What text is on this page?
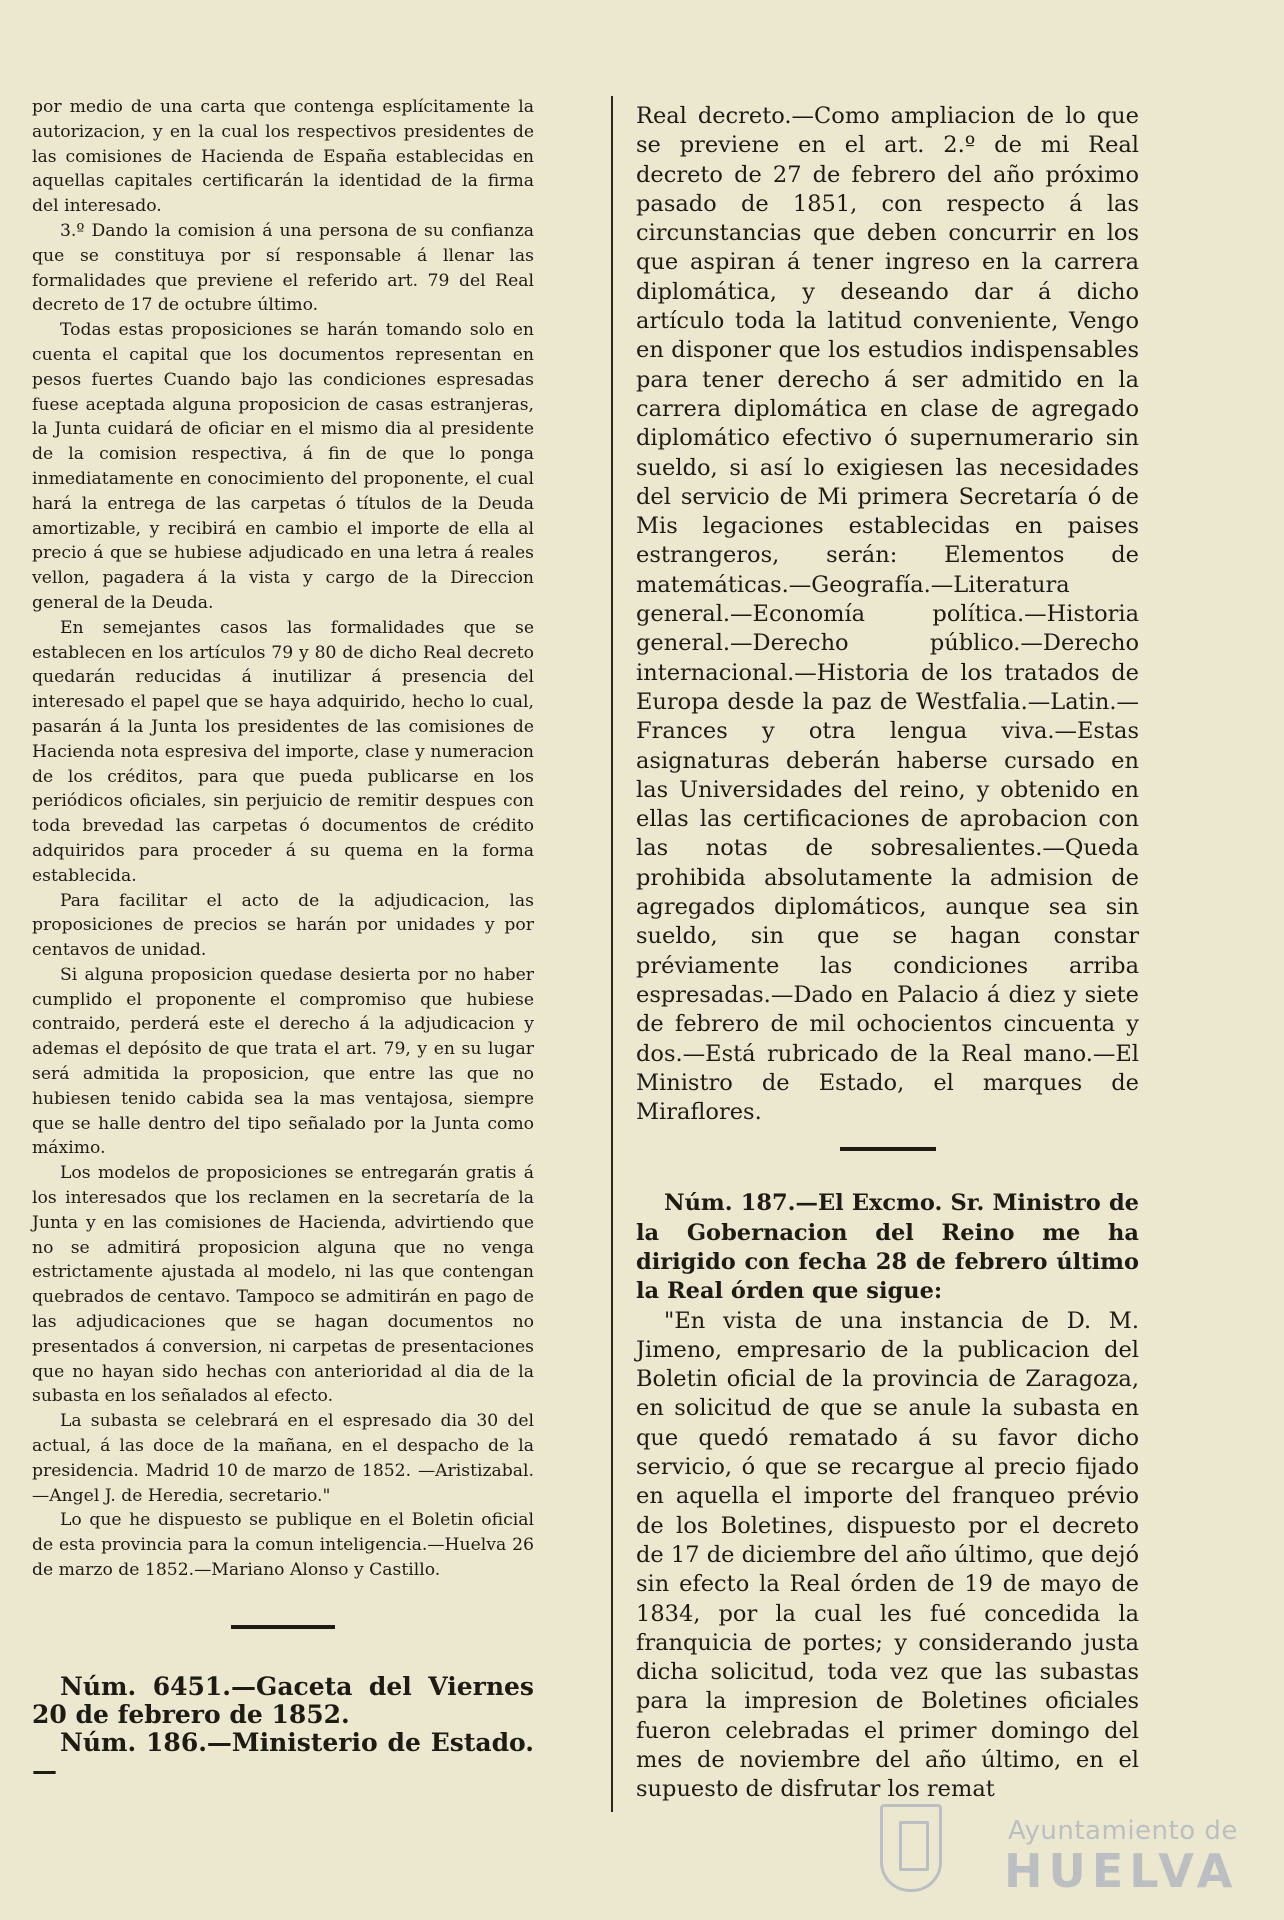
por medio de una carta que contenga esplícitamente la autorizacion, y en la cual los respectivos presidentes de las comisiones de Hacienda de España establecidas en aquellas capitales certificarán la identidad de la firma del interesado.

3.º Dando la comision á una persona de su confianza que se constituya por sí responsable á llenar las formalidades que previene el referido art. 79 del Real decreto de 17 de octubre último.

Todas estas proposiciones se harán tomando solo en cuenta el capital que los documentos representan en pesos fuertes Cuando bajo las condiciones espresadas fuese aceptada alguna proposicion de casas estranjeras, la Junta cuidará de oficiar en el mismo dia al presidente de la comision respectiva, á fin de que lo ponga inmediatamente en conocimiento del proponente, el cual hará la entrega de las carpetas ó títulos de la Deuda amortizable, y recibirá en cambio el importe de ella al precio á que se hubiese adjudicado en una letra á reales vellon, pagadera á la vista y cargo de la Direccion general de la Deuda.

En semejantes casos las formalidades que se establecen en los artículos 79 y 80 de dicho Real decreto quedarán reducidas á inutilizar á presencia del interesado el papel que se haya adquirido, hecho lo cual, pasarán á la Junta los presidentes de las comisiones de Hacienda nota espresiva del importe, clase y numeracion de los créditos, para que pueda publicarse en los periódicos oficiales, sin perjuicio de remitir despues con toda brevedad las carpetas ó documentos de crédito adquiridos para proceder á su quema en la forma establecida.

Para facilitar el acto de la adjudicacion, las proposiciones de precios se harán por unidades y por centavos de unidad.

Si alguna proposicion quedase desierta por no haber cumplido el proponente el compromiso que hubiese contraido, perderá este el derecho á la adjudicacion y ademas el depósito de que trata el art. 79, y en su lugar será admitida la proposicion, que entre las que no hubiesen tenido cabida sea la mas ventajosa, siempre que se halle dentro del tipo señalado por la Junta como máximo.

Los modelos de proposiciones se entregarán gratis á los interesados que los reclamen en la secretaría de la Junta y en las comisiones de Hacienda, advirtiendo que no se admitirá proposicion alguna que no venga estrictamente ajustada al modelo, ni las que contengan quebrados de centavo. Tampoco se admitirán en pago de las adjudicaciones que se hagan documentos no presentados á conversion, ni carpetas de presentaciones que no hayan sido hechas con anterioridad al dia de la subasta en los señalados al efecto.

La subasta se celebrará en el espresado dia 30 del actual, á las doce de la mañana, en el despacho de la presidencia. Madrid 10 de marzo de 1852. —Aristizabal.—Angel J. de Heredia, secretario."

Lo que he dispuesto se publique en el Boletin oficial de esta provincia para la comun inteligencia.—Huelva 26 de marzo de 1852.—Mariano Alonso y Castillo.

Núm. 6451.—Gaceta del Viernes 20 de febrero de 1852.

Núm. 186.—Ministerio de Estado.—

Real decreto.—Como ampliacion de lo que se previene en el art. 2.º de mi Real decreto de 27 de febrero del año próximo pasado de 1851, con respecto á las circunstancias que deben concurrir en los que aspiran á tener ingreso en la carrera diplomática, y deseando dar á dicho artículo toda la latitud conveniente, Vengo en disponer que los estudios indispensables para tener derecho á ser admitido en la carrera diplomática en clase de agregado diplomático efectivo ó supernumerario sin sueldo, si así lo exigiesen las necesidades del servicio de Mi primera Secretaría ó de Mis legaciones establecidas en paises estrangeros, serán: Elementos de matemáticas.—Geografía.—Literatura general.—Economía política.—Historia general.—Derecho público.—Derecho internacional.—Historia de los tratados de Europa desde la paz de Westfalia.—Latin.—Frances y otra lengua viva.—Estas asignaturas deberán haberse cursado en las Universidades del reino, y obtenido en ellas las certificaciones de aprobacion con las notas de sobresalientes.—Queda prohibida absolutamente la admision de agregados diplomáticos, aunque sea sin sueldo, sin que se hagan constar préviamente las condiciones arriba espresadas.—Dado en Palacio á diez y siete de febrero de mil ochocientos cincuenta y dos.—Está rubricado de la Real mano.—El Ministro de Estado, el marques de Miraflores.

Núm. 187.—El Excmo. Sr. Ministro de la Gobernacion del Reino me ha dirigido con fecha 28 de febrero último la Real órden que sigue:

"En vista de una instancia de D. M. Jimeno, empresario de la publicacion del Boletin oficial de la provincia de Zaragoza, en solicitud de que se anule la subasta en que quedó rematado á su favor dicho servicio, ó que se recargue al precio fijado en aquella el importe del franqueo prévio de los Boletines, dispuesto por el decreto de 17 de diciembre del año último, que dejó sin efecto la Real órden de 19 de mayo de 1834, por la cual les fué concedida la franquicia de portes; y considerando justa dicha solicitud, toda vez que las subastas para la impresion de Boletines oficiales fueron celebradas el primer domingo del mes de noviembre del año último, en el supuesto de disfrutar los remat

Ayuntamiento de
HUELVA
